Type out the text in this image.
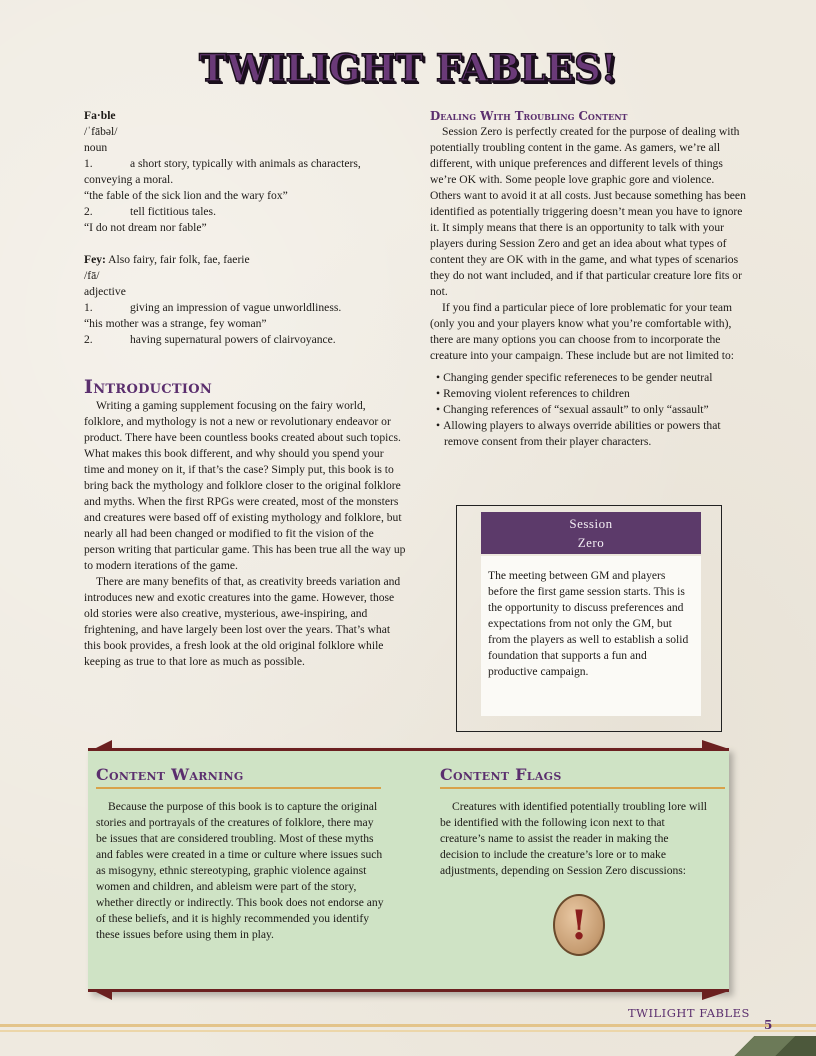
TWILIGHT FABLES!
Fa·ble
/ˈfābəl/
noun
1.	a short story, typically with animals as characters,
conveying a moral.
“the fable of the sick lion and the wary fox”
2.	tell fictitious tales.
“I do not dream nor fable”
Fey: Also fairy, fair folk, fae, faerie
/fā/
adjective
1.	giving an impression of vague unworldliness.
“his mother was a strange, fey woman”
2.	having supernatural powers of clairvoyance.
Introduction
Writing a gaming supplement focusing on the fairy world, folklore, and mythology is not a new or revolutionary endeavor or product. There have been countless books created about such topics. What makes this book different, and why should you spend your time and money on it, if that’s the case? Simply put, this book is to bring back the mythology and folklore closer to the original folklore and myths. When the first RPGs were created, most of the monsters and creatures were based off of existing mythology and folklore, but nearly all had been changed or modified to fit the vision of the person writing that particular game. This has been true all the way up to modern iterations of the game.
There are many benefits of that, as creativity breeds variation and introduces new and exotic creatures into the game. However, those old stories were also creative, mysterious, awe-inspiring, and frightening, and have largely been lost over the years. That’s what this book provides, a fresh look at the old original folklore while keeping as true to that lore as much as possible.
Dealing With Troubling Content
Session Zero is perfectly created for the purpose of dealing with potentially troubling content in the game. As gamers, we’re all different, with unique preferences and different levels of things we’re OK with. Some people love graphic gore and violence. Others want to avoid it at all costs. Just because something has been identified as potentially triggering doesn’t mean you have to ignore it. It simply means that there is an opportunity to talk with your players during Session Zero and get an idea about what types of content they are OK with in the game, and what types of scenarios they do not want included, and if that particular creature lore fits or not.
If you find a particular piece of lore problematic for your team (only you and your players know what you’re comfortable with), there are many options you can choose from to incorporate the creature into your campaign. These include but are not limited to:
• Changing gender specific refereneces to be gender neutral
• Removing violent references to children
• Changing references of “sexual assault” to only “assault”
• Allowing players to always override abilities or powers that remove consent from their player characters.
Session
Zero
The meeting between GM and players before the first game session starts. This is the opportunity to discuss preferences and expectations from not only the GM, but from the players as well to establish a solid foundation that supports a fun and productive campaign.
Content Warning
Because the purpose of this book is to capture the original stories and portrayals of the creatures of folklore, there may be issues that are considered troubling. Most of these myths and fables were created in a time or culture where issues such as misogyny, ethnic stereotyping, graphic violence against women and children, and ableism were part of the story, whether directly or indirectly. This book does not endorse any of these beliefs, and it is highly recommended you identify these issues before using them in play.
Content Flags
Creatures with identified potentially troubling lore will be identified with the following icon next to that creature’s name to assist the reader in making the decision to include the creature’s lore or to make adjustments, depending on Session Zero discussions:
!
TWILIGHT FABLES
5
